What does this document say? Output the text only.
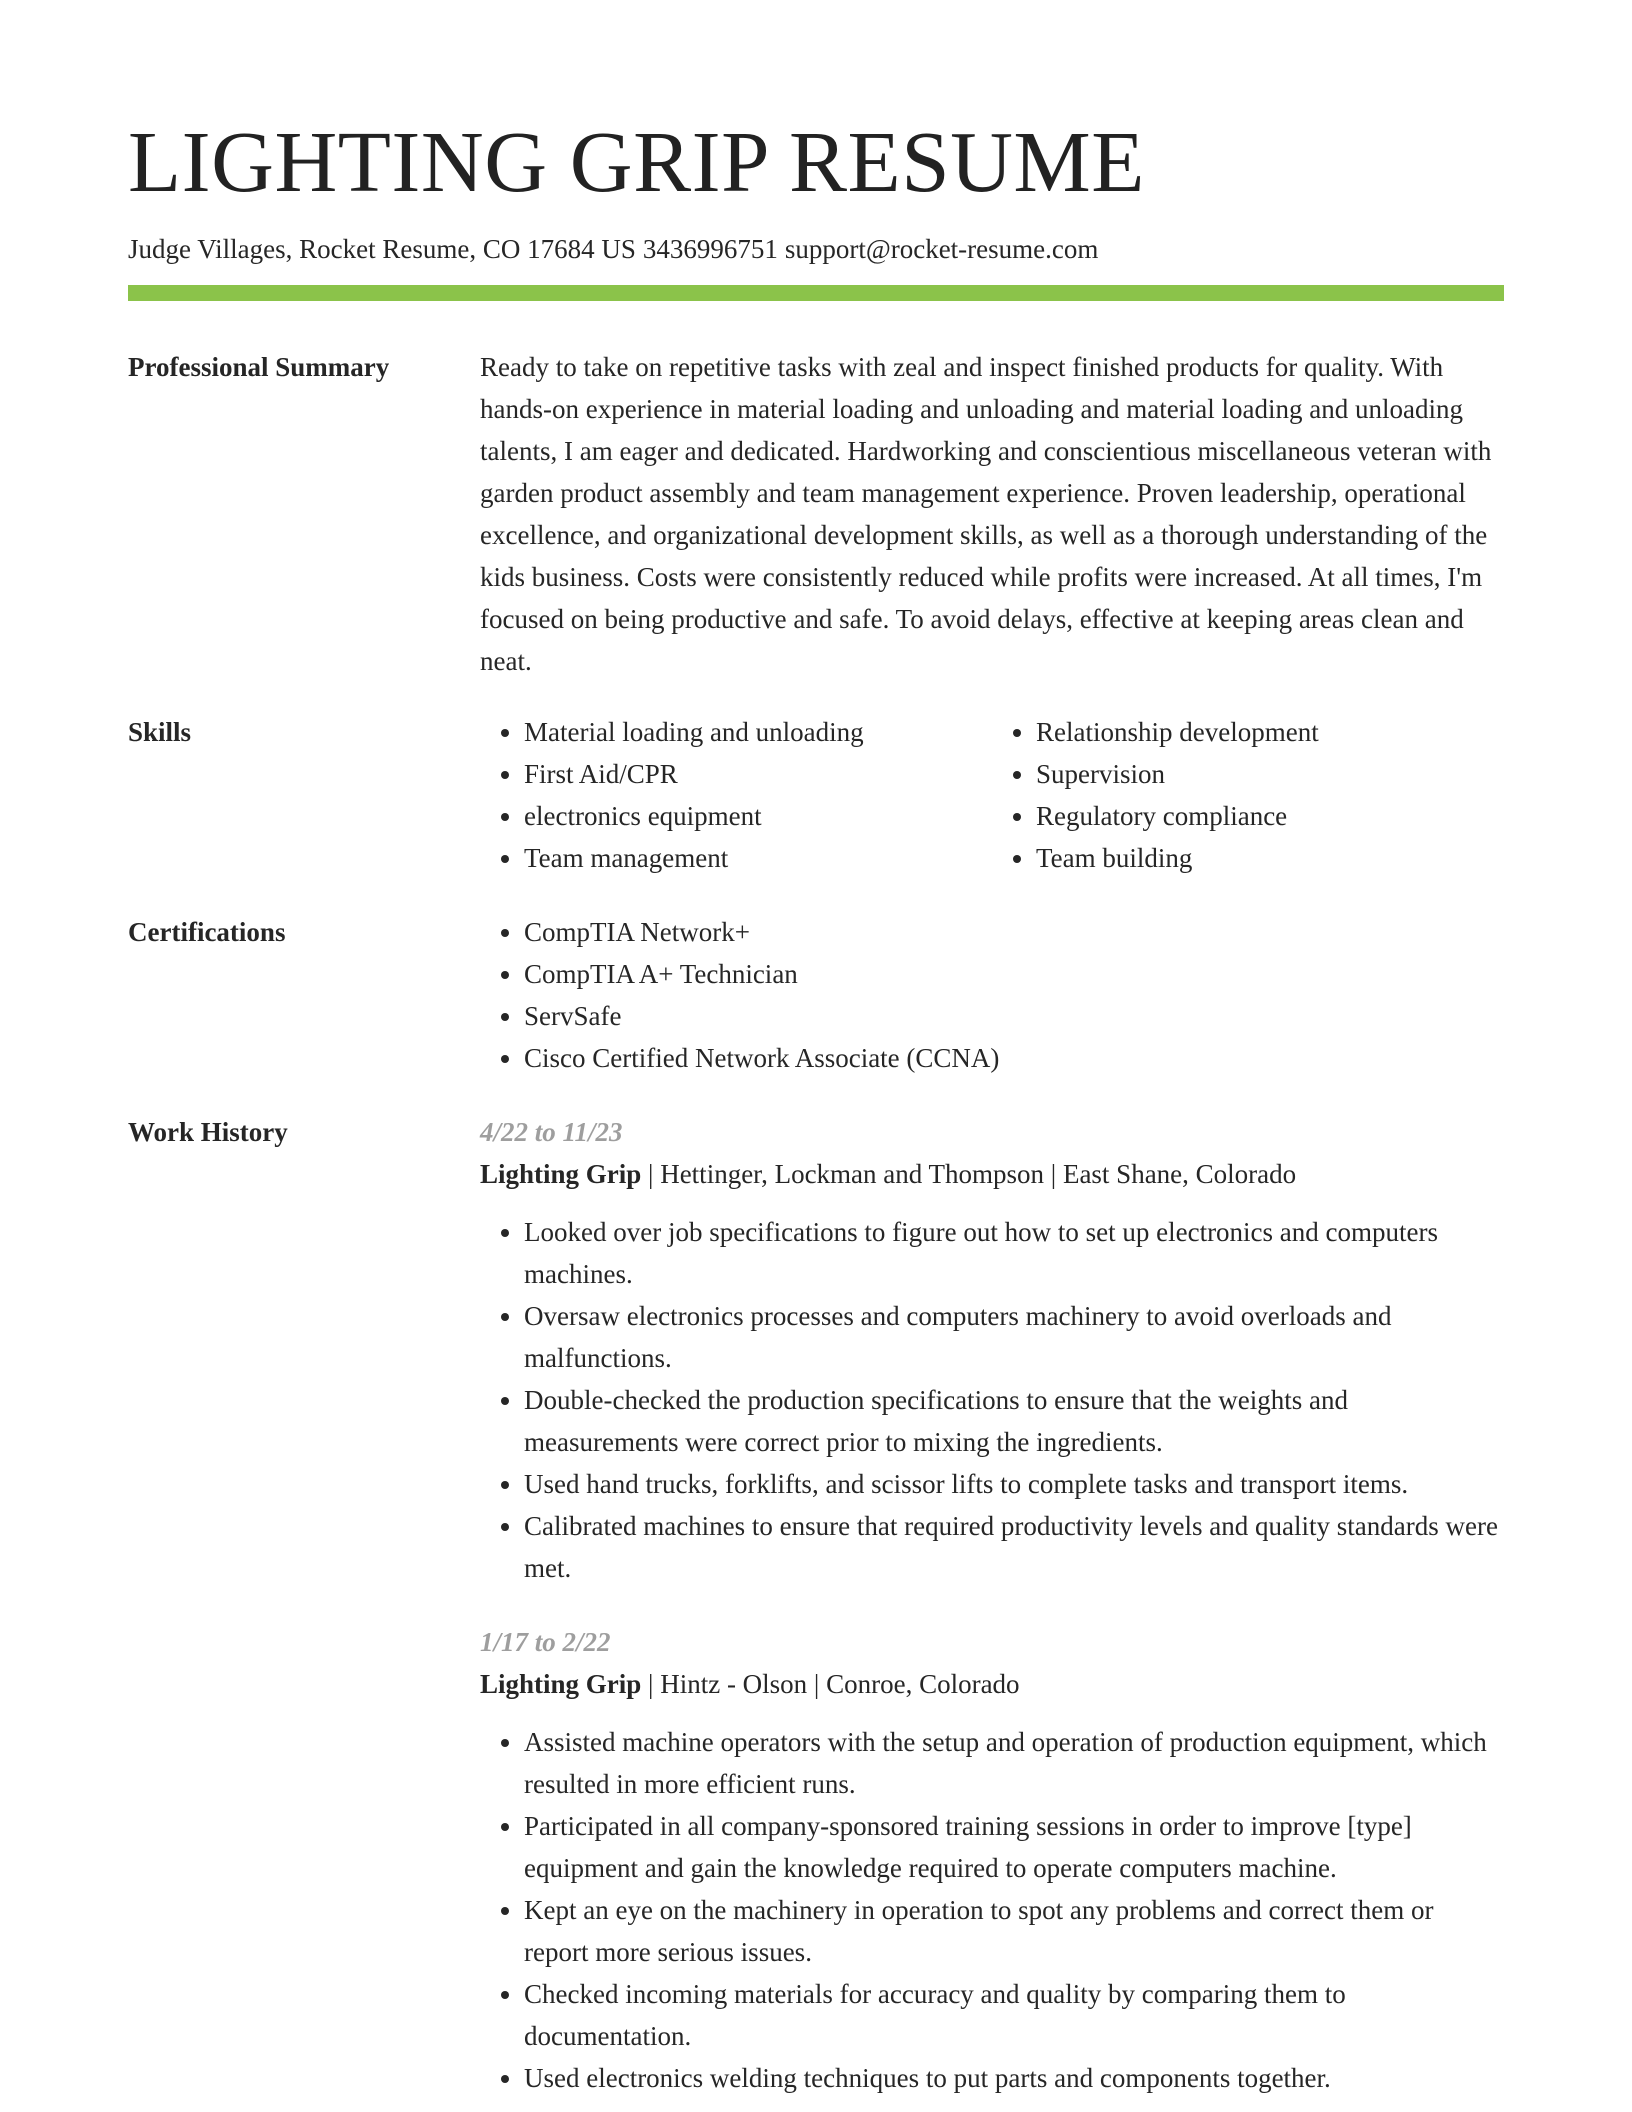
LIGHTING GRIP RESUME
Judge Villages, Rocket Resume, CO 17684 US 3436996751 support@rocket-resume.com
Professional Summary	Ready to take on repetitive tasks with zeal and inspect finished products for quality. With hands-on experience in material loading and unloading and material loading and unloading talents, I am eager and dedicated. Hardworking and conscientious miscellaneous veteran with garden product assembly and team management experience. Proven leadership, operational excellence, and organizational development skills, as well as a thorough understanding of the kids business. Costs were consistently reduced while profits were increased. At all times, I'm focused on being productive and safe. To avoid delays, effective at keeping areas clean and neat.

Skills	• Material loading and unloading
• First Aid/CPR
• electronics equipment
• Team management
• Relationship development
• Supervision
• Regulatory compliance
• Team building
Certifications	• CompTIA Network+
• CompTIA A+ Technician
• ServSafe
• Cisco Certified Network Associate (CCNA)
Work History	4/22 to 11/23
Lighting Grip | Hettinger, Lockman and Thompson | East Shane, Colorado
• Looked over job specifications to figure out how to set up electronics and computers machines.
• Oversaw electronics processes and computers machinery to avoid overloads and malfunctions.
• Double-checked the production specifications to ensure that the weights and measurements were correct prior to mixing the ingredients.
• Used hand trucks, forklifts, and scissor lifts to complete tasks and transport items.
• Calibrated machines to ensure that required productivity levels and quality standards were met.
1/17 to 2/22
Lighting Grip | Hintz - Olson | Conroe, Colorado
• Assisted machine operators with the setup and operation of production equipment, which resulted in more efficient runs.
• Participated in all company-sponsored training sessions in order to improve [type] equipment and gain the knowledge required to operate computers machine.
• Kept an eye on the machinery in operation to spot any problems and correct them or report more serious issues.
• Checked incoming materials for accuracy and quality by comparing them to documentation.
• Used electronics welding techniques to put parts and components together.
